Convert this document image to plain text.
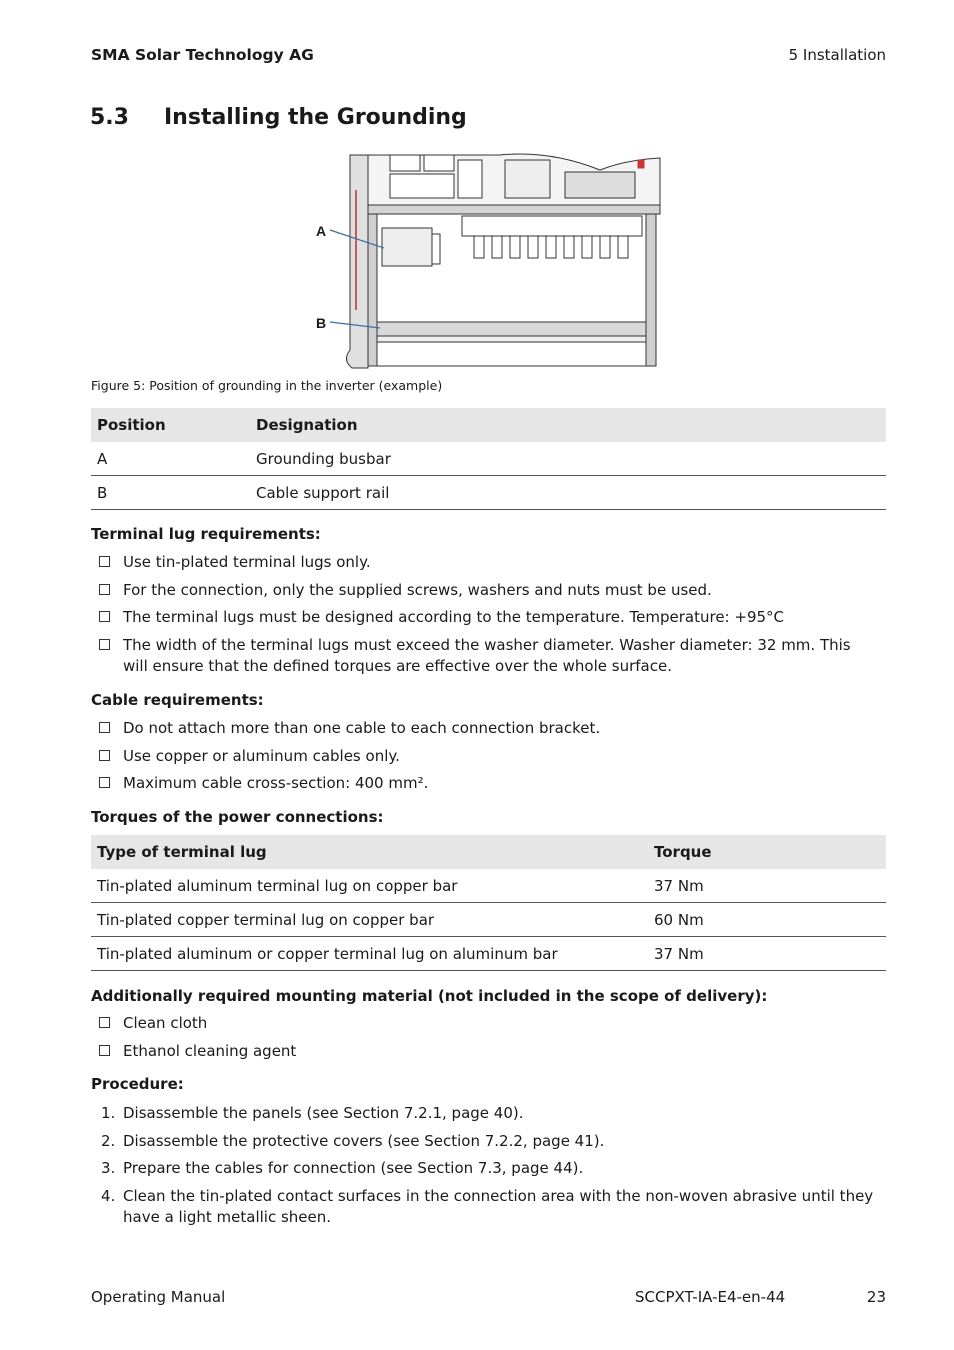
SMA Solar Technology AG	5 Installation
5.3 Installing the Grounding
A
B
Figure 5: Position of grounding in the inverter (example)
Position	Designation
A	Grounding busbar
B	Cable support rail
Terminal lug requirements:
Use tin-plated terminal lugs only.
For the connection, only the supplied screws, washers and nuts must be used.
The terminal lugs must be designed according to the temperature. Temperature: +95°C
The width of the terminal lugs must exceed the washer diameter. Washer diameter: 32 mm. This will ensure that the defined torques are effective over the whole surface.
Cable requirements:
Do not attach more than one cable to each connection bracket.
Use copper or aluminum cables only.
Maximum cable cross-section: 400 mm².
Torques of the power connections:
Type of terminal lug	Torque
Tin-plated aluminum terminal lug on copper bar	37 Nm
Tin-plated copper terminal lug on copper bar	60 Nm
Tin-plated aluminum or copper terminal lug on aluminum bar	37 Nm
Additionally required mounting material (not included in the scope of delivery):
Clean cloth
Ethanol cleaning agent
Procedure:
1. Disassemble the panels (see Section 7.2.1, page 40).
2. Disassemble the protective covers (see Section 7.2.2, page 41).
3. Prepare the cables for connection (see Section 7.3, page 44).
4. Clean the tin-plated contact surfaces in the connection area with the non-woven abrasive until they have a light metallic sheen.
Operating Manual	SCCPXT-IA-E4-en-44	23
